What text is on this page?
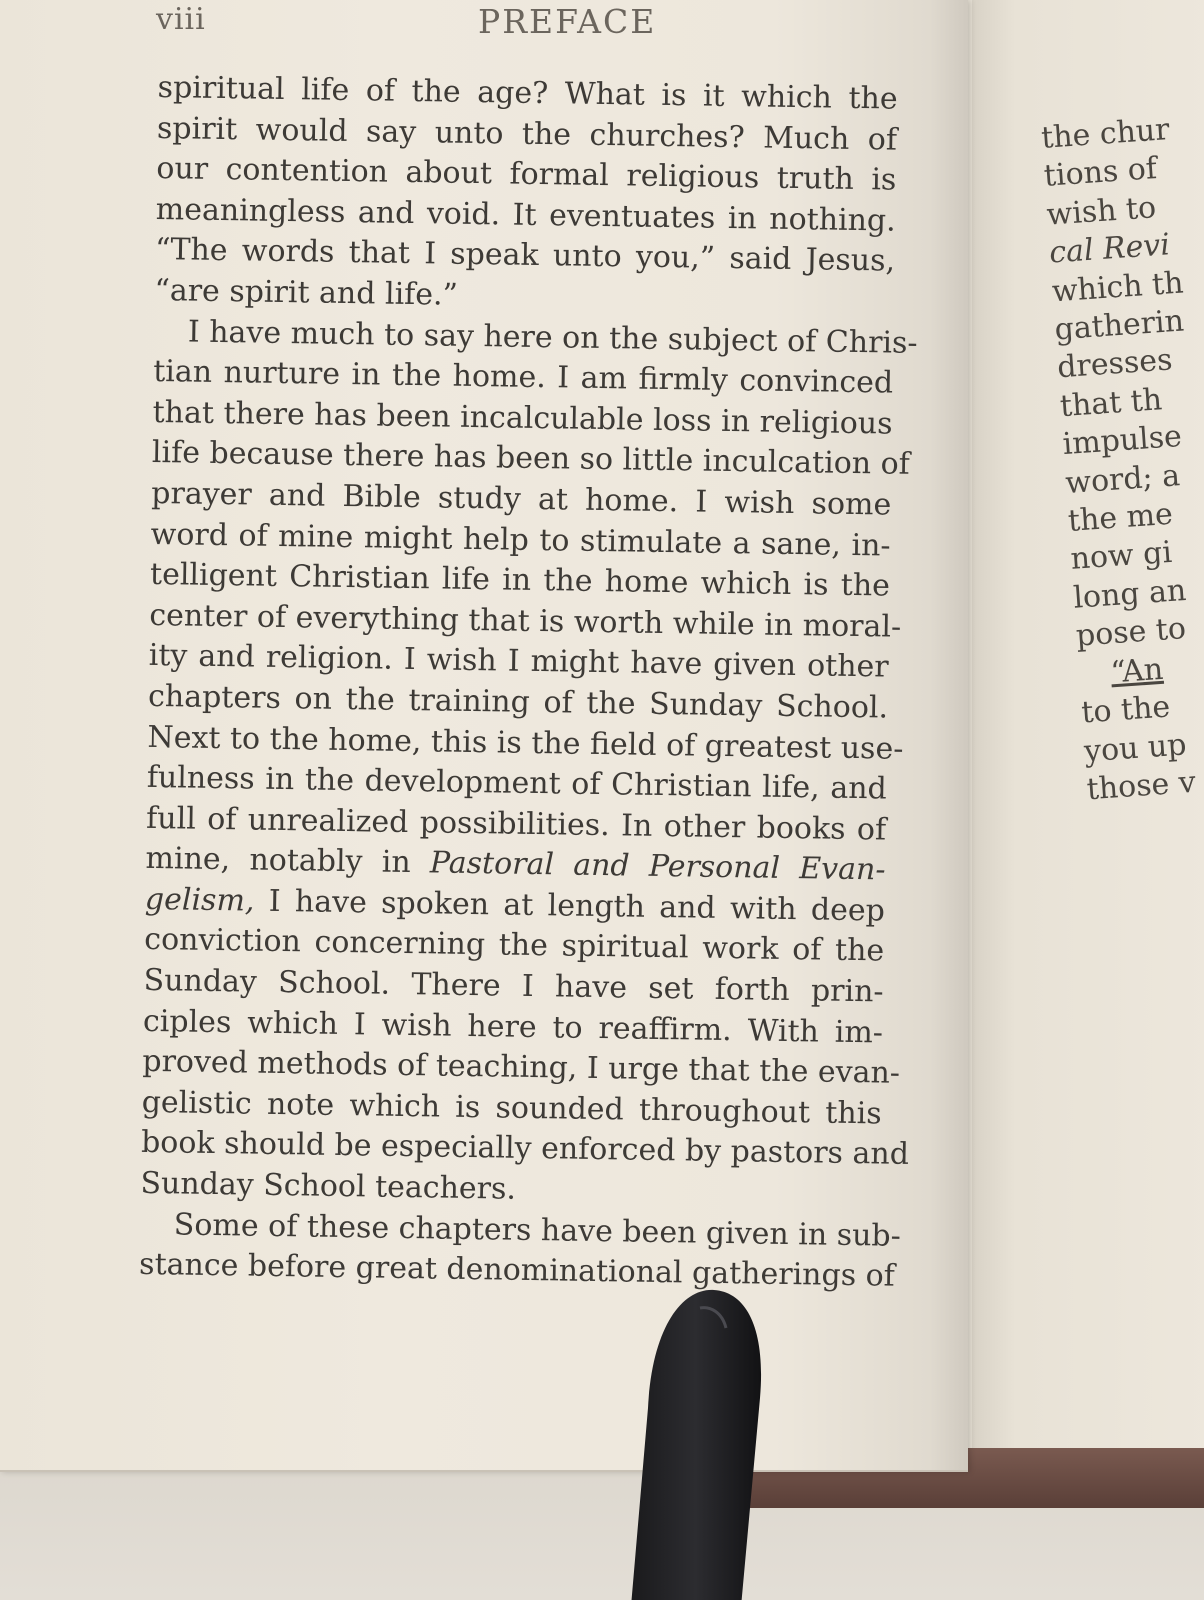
the chur
tions of
wish to
cal Revi
which th
gatherin
dresses
that th
impulse
word; a
the me
now gi
long an
pose to
“An
to the
you up
those v
viii	PREFACE
spiritual life of the age? What is it which the
spirit would say unto the churches? Much of
our contention about formal religious truth is
meaningless and void. It eventuates in nothing.
“The words that I speak unto you,” said Jesus,
“are spirit and life.”
I have much to say here on the subject of Chris-
tian nurture in the home. I am firmly convinced
that there has been incalculable loss in religious
life because there has been so little inculcation of
prayer and Bible study at home. I wish some
word of mine might help to stimulate a sane, in-
telligent Christian life in the home which is the
center of everything that is worth while in moral-
ity and religion. I wish I might have given other
chapters on the training of the Sunday School.
Next to the home, this is the field of greatest use-
fulness in the development of Christian life, and
full of unrealized possibilities. In other books of
mine, notably in Pastoral and Personal Evan-
gelism, I have spoken at length and with deep
conviction concerning the spiritual work of the
Sunday School. There I have set forth prin-
ciples which I wish here to reaffirm. With im-
proved methods of teaching, I urge that the evan-
gelistic note which is sounded throughout this
book should be especially enforced by pastors and
Sunday School teachers.
Some of these chapters have been given in sub-
stance before great denominational gatherings of
